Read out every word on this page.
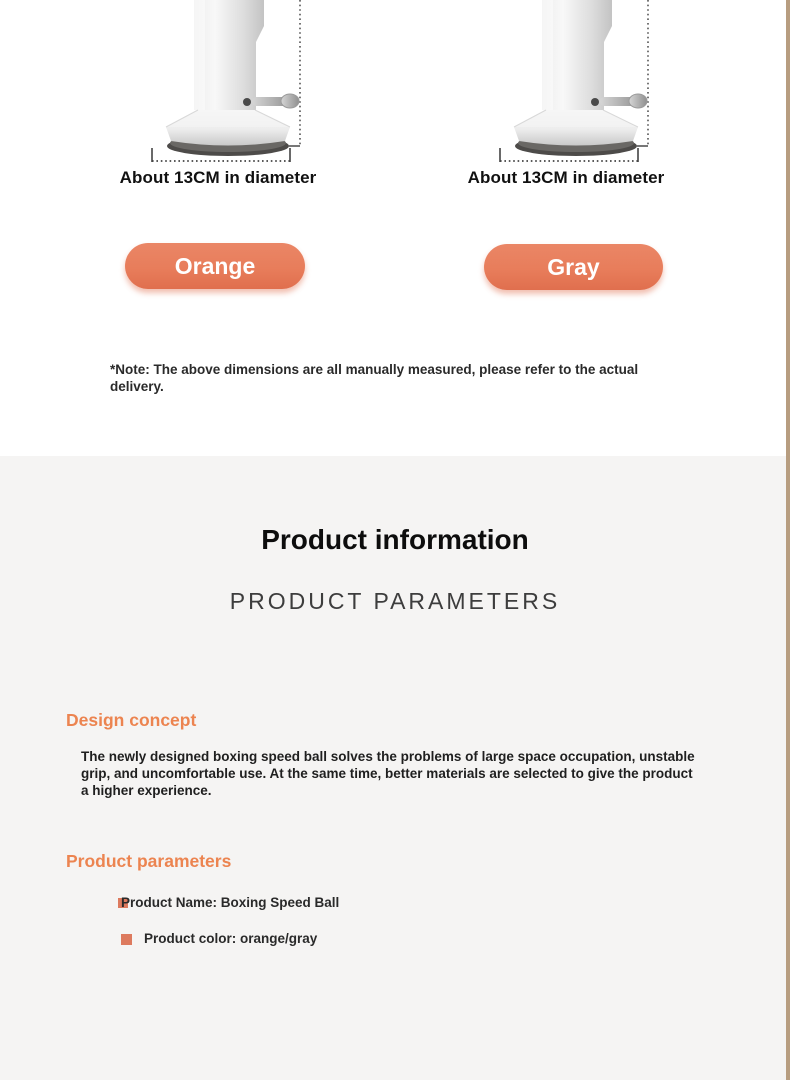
About 13CM in diameter	About 13CM in diameter
Orange	Gray
*Note: The above dimensions are all manually measured, please refer to the actual delivery.
Product information
PRODUCT PARAMETERS
Design concept
The newly designed boxing speed ball solves the problems of large space occupation, unstable grip, and uncomfortable use. At the same time, better materials are selected to give the product a higher experience.
Product parameters
Product Name: Boxing Speed Ball
Product color: orange/gray
